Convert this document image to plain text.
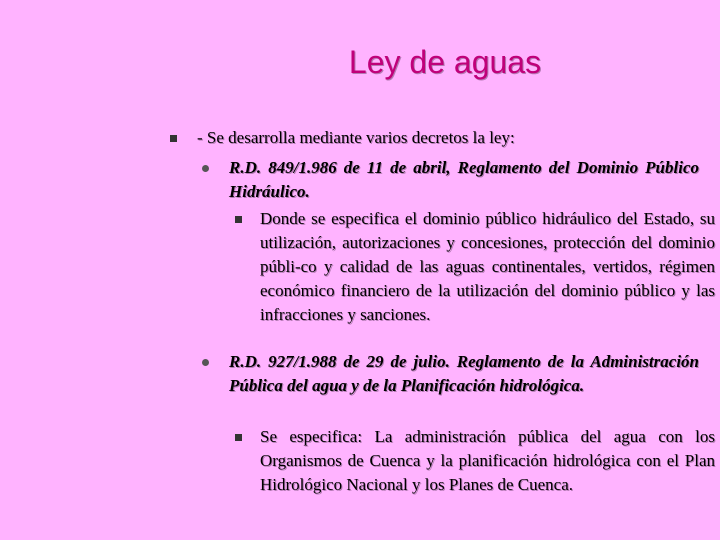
Ley de aguas
- Se desarrolla mediante varios decretos la ley:
R.D. 849/1.986 de 11 de abril, Reglamento del Dominio Público Hidráulico.
Donde se especifica el dominio público hidráulico del Estado, su utilización, autorizaciones y concesiones, protección del dominio públi-co y calidad de las aguas continentales, vertidos, régimen económico financiero de la utilización del dominio público y las infracciones y sanciones.
R.D. 927/1.988 de 29 de julio. Reglamento de la Administración Pública del agua y de la Planificación hidrológica.
Se especifica: La administración pública del agua con los Organismos de Cuenca y la planificación hidrológica con el Plan Hidrológico Nacional y los Planes de Cuenca.
